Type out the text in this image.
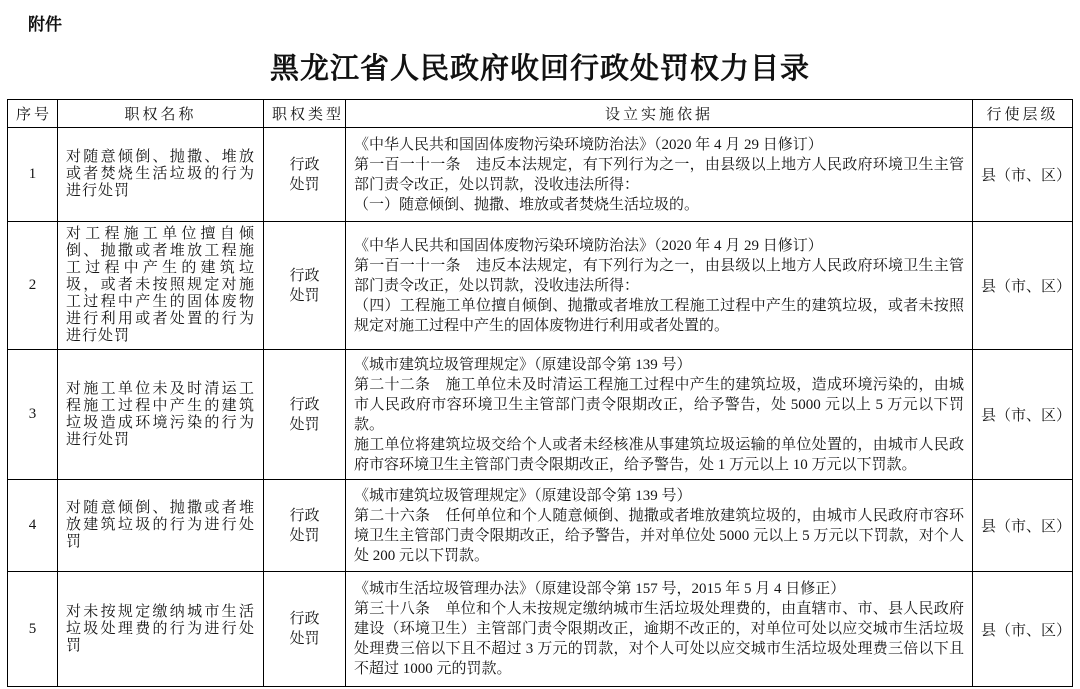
附件
黑龙江省人民政府收回行政处罚权力目录
序号	职权名称	职权类型	设立实施依据	行使层级
1	对随意倾倒、抛撒、堆放或者焚烧生活垃圾的行为进行处罚	行政处罚	《中华人民共和国固体废物污染环境防治法》（2020 年 4 月 29 日修订）

第一百一十一条　违反本法规定，有下列行为之一，由县级以上地方人民政府环境卫生主管部门责令改正，处以罚款，没收违法所得：

（一）随意倾倒、抛撒、堆放或者焚烧生活垃圾的。	县（市、区）
2	对工程施工单位擅自倾倒、抛撒或者堆放工程施工过程中产生的建筑垃圾，或者未按照规定对施工过程中产生的固体废物进行利用或者处置的行为进行处罚	行政处罚	《中华人民共和国固体废物污染环境防治法》（2020 年 4 月 29 日修订）

第一百一十一条　违反本法规定，有下列行为之一，由县级以上地方人民政府环境卫生主管部门责令改正，处以罚款，没收违法所得：

（四）工程施工单位擅自倾倒、抛撒或者堆放工程施工过程中产生的建筑垃圾，或者未按照规定对施工过程中产生的固体废物进行利用或者处置的。	县（市、区）
3	对施工单位未及时清运工程施工过程中产生的建筑垃圾造成环境污染的行为进行处罚	行政处罚	《城市建筑垃圾管理规定》（原建设部令第 139 号）

第二十二条　施工单位未及时清运工程施工过程中产生的建筑垃圾，造成环境污染的，由城市人民政府市容环境卫生主管部门责令限期改正，给予警告，处 5000 元以上 5 万元以下罚款。

施工单位将建筑垃圾交给个人或者未经核准从事建筑垃圾运输的单位处置的，由城市人民政府市容环境卫生主管部门责令限期改正，给予警告，处 1 万元以上 10 万元以下罚款。	县（市、区）
4	对随意倾倒、抛撒或者堆放建筑垃圾的行为进行处罚	行政处罚	《城市建筑垃圾管理规定》（原建设部令第 139 号）

第二十六条　任何单位和个人随意倾倒、抛撒或者堆放建筑垃圾的，由城市人民政府市容环境卫生主管部门责令限期改正，给予警告，并对单位处 5000 元以上 5 万元以下罚款，对个人处 200 元以下罚款。	县（市、区）
5	对未按规定缴纳城市生活垃圾处理费的行为进行处罚	行政处罚	《城市生活垃圾管理办法》（原建设部令第 157 号，2015 年 5 月 4 日修正）

第三十八条　单位和个人未按规定缴纳城市生活垃圾处理费的，由直辖市、市、县人民政府建设（环境卫生）主管部门责令限期改正，逾期不改正的，对单位可处以应交城市生活垃圾处理费三倍以下且不超过 3 万元的罚款，对个人可处以应交城市生活垃圾处理费三倍以下且不超过 1000 元的罚款。	县（市、区）
